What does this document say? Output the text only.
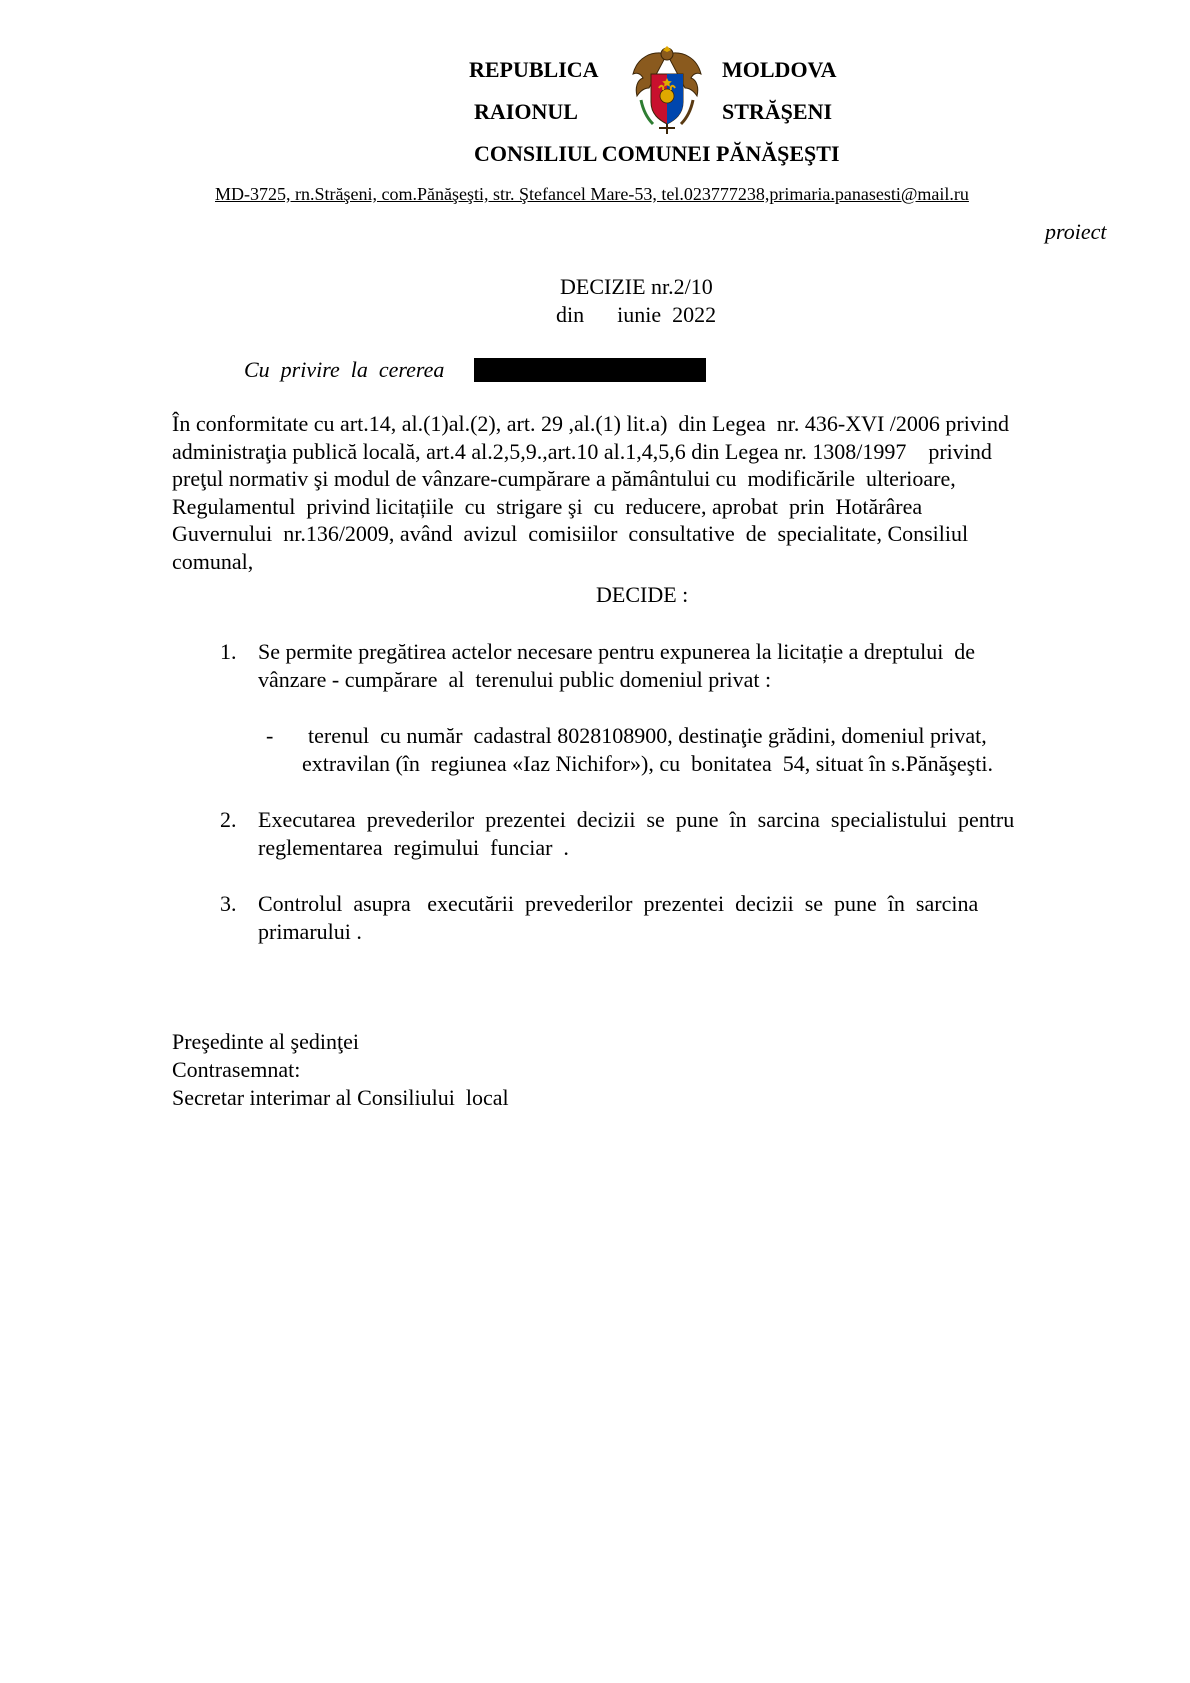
REPUBLICA	MOLDOVA
RAIONUL	STRĂŞENI
CONSILIUL COMUNEI PĂNĂŞEŞTI
MD-3725, rn.Străşeni, com.Pănăşeşti, str. Ştefancel Mare-53, tel.023777238,primaria.panasesti@mail.ru
proiect
DECIZIE nr.2/10
din      iunie  2022
Cu  privire  la  cererea
În conformitate cu art.14, al.(1)al.(2), art. 29 ,al.(1) lit.a)  din Legea  nr. 436-XVI /2006 privind
administraţia publică locală, art.4 al.2,5,9.,art.10 al.1,4,5,6 din Legea nr. 1308/1997    privind
preţul normativ şi modul de vânzare-cumpărare a pământului cu  modificările  ulterioare,
Regulamentul  privind licitațiile  cu  strigare şi  cu  reducere, aprobat  prin  Hotărârea
Guvernului  nr.136/2009, având  avizul  comisiilor  consultative  de  specialitate, Consiliul
comunal,
DECIDE :
1. Se permite pregătirea actelor necesare pentru expunerea la licitație a dreptului  de
vânzare - cumpărare  al  terenului public domeniul privat :
- terenul  cu număr  cadastral 8028108900, destinaţie grădini, domeniul privat,
extravilan (în  regiunea «Iaz Nichifor»), cu  bonitatea  54, situat în s.Pănăşeşti.
2. Executarea  prevederilor  prezentei  decizii  se  pune  în  sarcina  specialistului  pentru
reglementarea  regimului  funciar  .
3. Controlul  asupra   executării  prevederilor  prezentei  decizii  se  pune  în  sarcina
primarului .
Preşedinte al şedinţei
Contrasemnat:
Secretar interimar al Consiliului  local
